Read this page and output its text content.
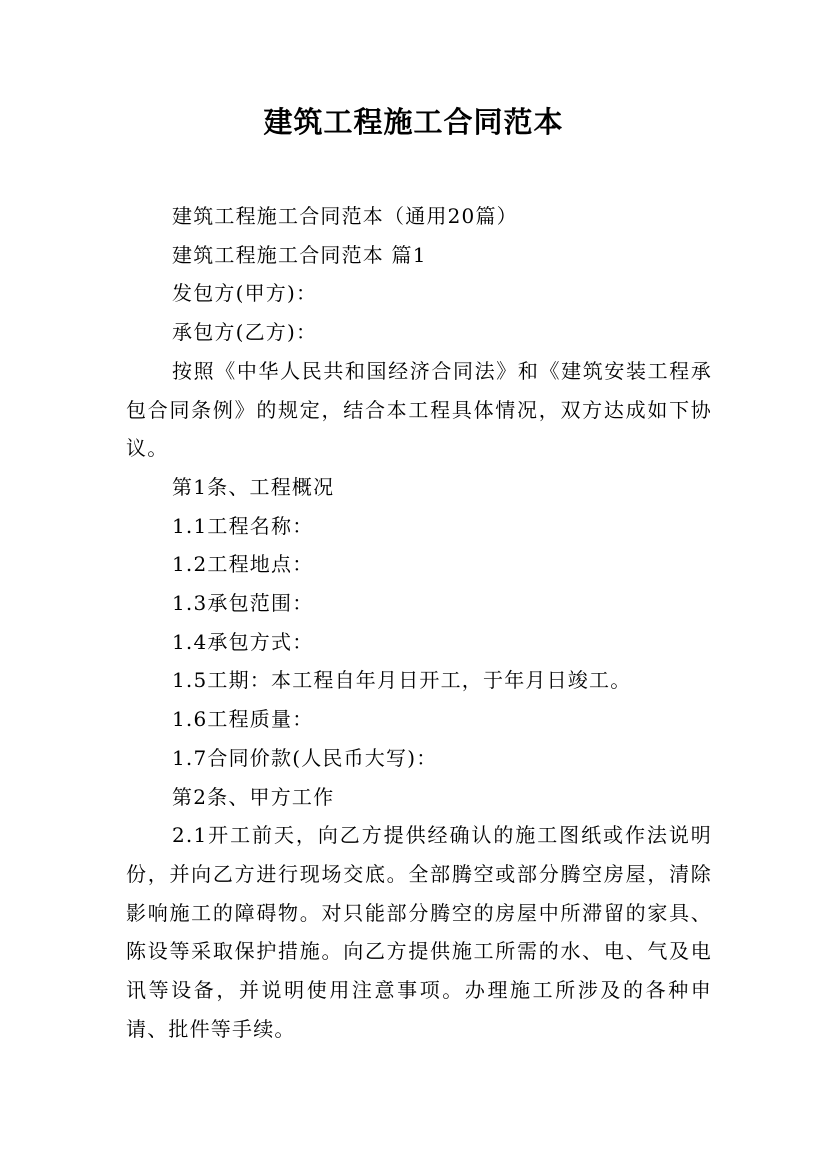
建筑工程施工合同范本

建筑工程施工合同范本（通用20篇）

建筑工程施工合同范本 篇1

发包方(甲方)：

承包方(乙方)：

按照《中华人民共和国经济合同法》和《建筑安装工程承包合同条例》的规定，结合本工程具体情况，双方达成如下协议。

第1条、工程概况

1.1工程名称：

1.2工程地点：

1.3承包范围：

1.4承包方式：

1.5工期：本工程自年月日开工，于年月日竣工。

1.6工程质量：

1.7合同价款(人民币大写)：

第2条、甲方工作

2.1开工前天，向乙方提供经确认的施工图纸或作法说明份，并向乙方进行现场交底。全部腾空或部分腾空房屋，清除影响施工的障碍物。对只能部分腾空的房屋中所滞留的家具、陈设等采取保护措施。向乙方提供施工所需的水、电、气及电讯等设备，并说明使用注意事项。办理施工所涉及的各种申请、批件等手续。
